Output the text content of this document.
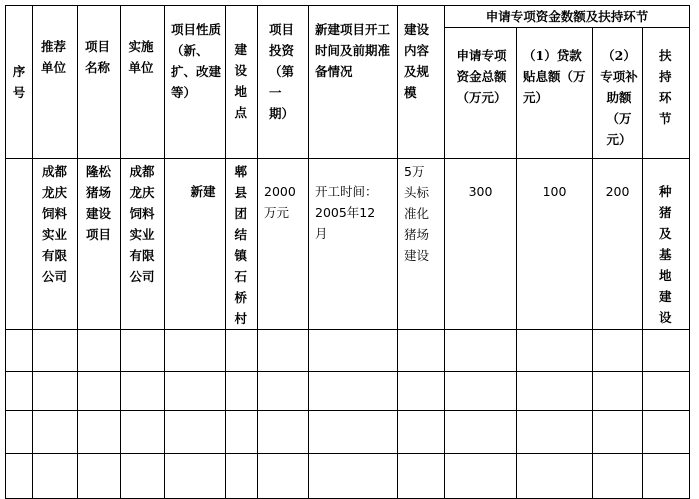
序号	推荐单位	项目名称	实施单位	项目性质（新、扩、改建等）	建设地点	项目投资（第一期）	新建项目开工时间及前期准备情况	建设内容及规模	申请专项资金数额及扶持环节			

									申请专项资金总额（万元）	（1）贷款贴息额（万元）	（2）专项补助额（万元）	扶持环节

	成都龙庆饲料实业有限公司	隆松猪场建设项目	成都龙庆饲料实业有限公司	新建	郫县团结镇石桥村	2000万元	开工时间：2005年12月	5万头标准化猪场建设	300	100	200	种猪及基地建设
